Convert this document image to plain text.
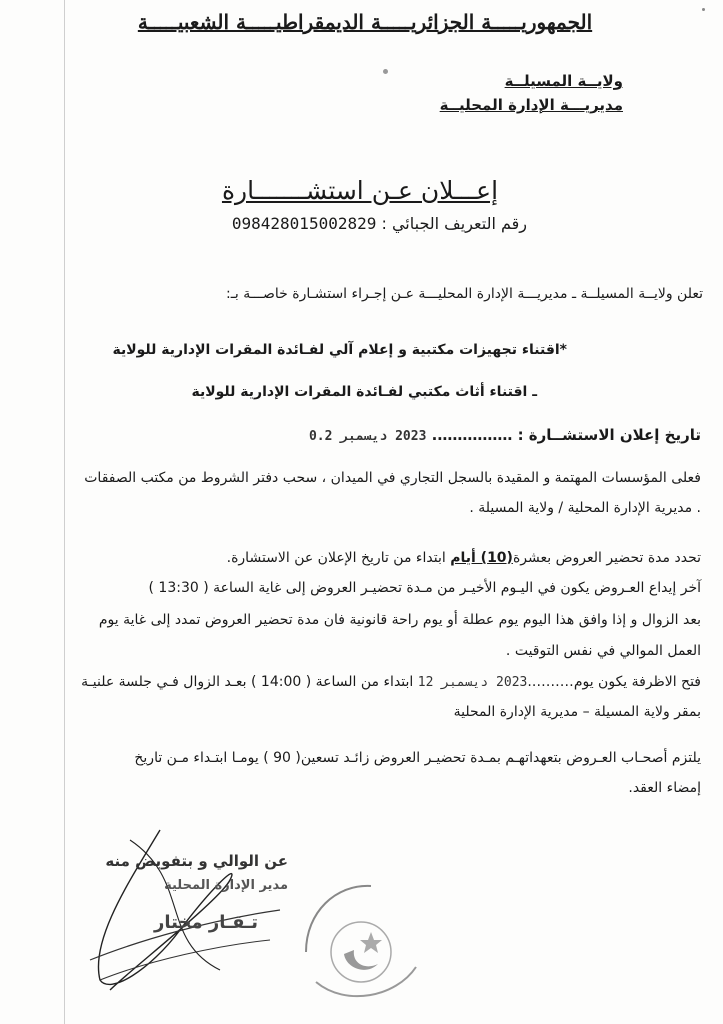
الجمهوريـــــة الجزائريـــــة الديمقراطيـــــة الشعبيـــــة
ولايــة المسيلــة
مديريـــة الإدارة المحليــة
إعـــلان عـن استشـــــــارة
رقم التعريف الجبائي : 098428015002829
تعلن ولايــة المسيلــة ـ مديريـــة الإدارة المحليـــة عـن إجـراء استشـارة خاصـــة بـ:
*اقتناء تجهيزات مكتبية و إعلام آلي لفـائدة المقرات الإدارية للولاية
ـ اقتناء أثاث مكتبي لفـائدة المقرات الإدارية للولاية
تاريخ إعلان الاستشــارة : ……………. 2023 ديسمبر 0.2
فعلى المؤسسات المهتمة و المقيدة بالسجل التجاري في الميدان ، سحب دفتر الشروط من مكتب الصفقات
. مديرية الإدارة المحلية / ولاية المسيلة .
تحدد مدة تحضير العروض بعشرة(10) أيام ابتداء من تاريخ الإعلان عن الاستشارة.
آخر إيداع العـروض يكون في اليـوم الأخيـر من مـدة تحضيـر العروض إلى غاية الساعة ( 13:30 )
بعد الزوال و إذا وافق هذا اليوم يوم عطلة أو يوم راحة قانونية فان مدة تحضير العروض تمدد إلى غاية يوم
العمل الموالي في نفس التوقيت .
فتح الاظرفة يكون يوم……….2023 ديسمبر 12 ابتداء من الساعة ( 14:00 ) بعـد الزوال فـي جلسة علنيـة
بمقر ولاية المسيلة – مديرية الإدارة المحلية
يلتزم أصحـاب العـروض بتعهداتهـم بمـدة تحضيـر العروض زائـد تسعين( 90 ) يومـا ابتـداء مـن تاريخ
إمضاء العقد.
عن الوالي و بتفويض منه
مدير الإدارة المحلية
تـقـار مختار
